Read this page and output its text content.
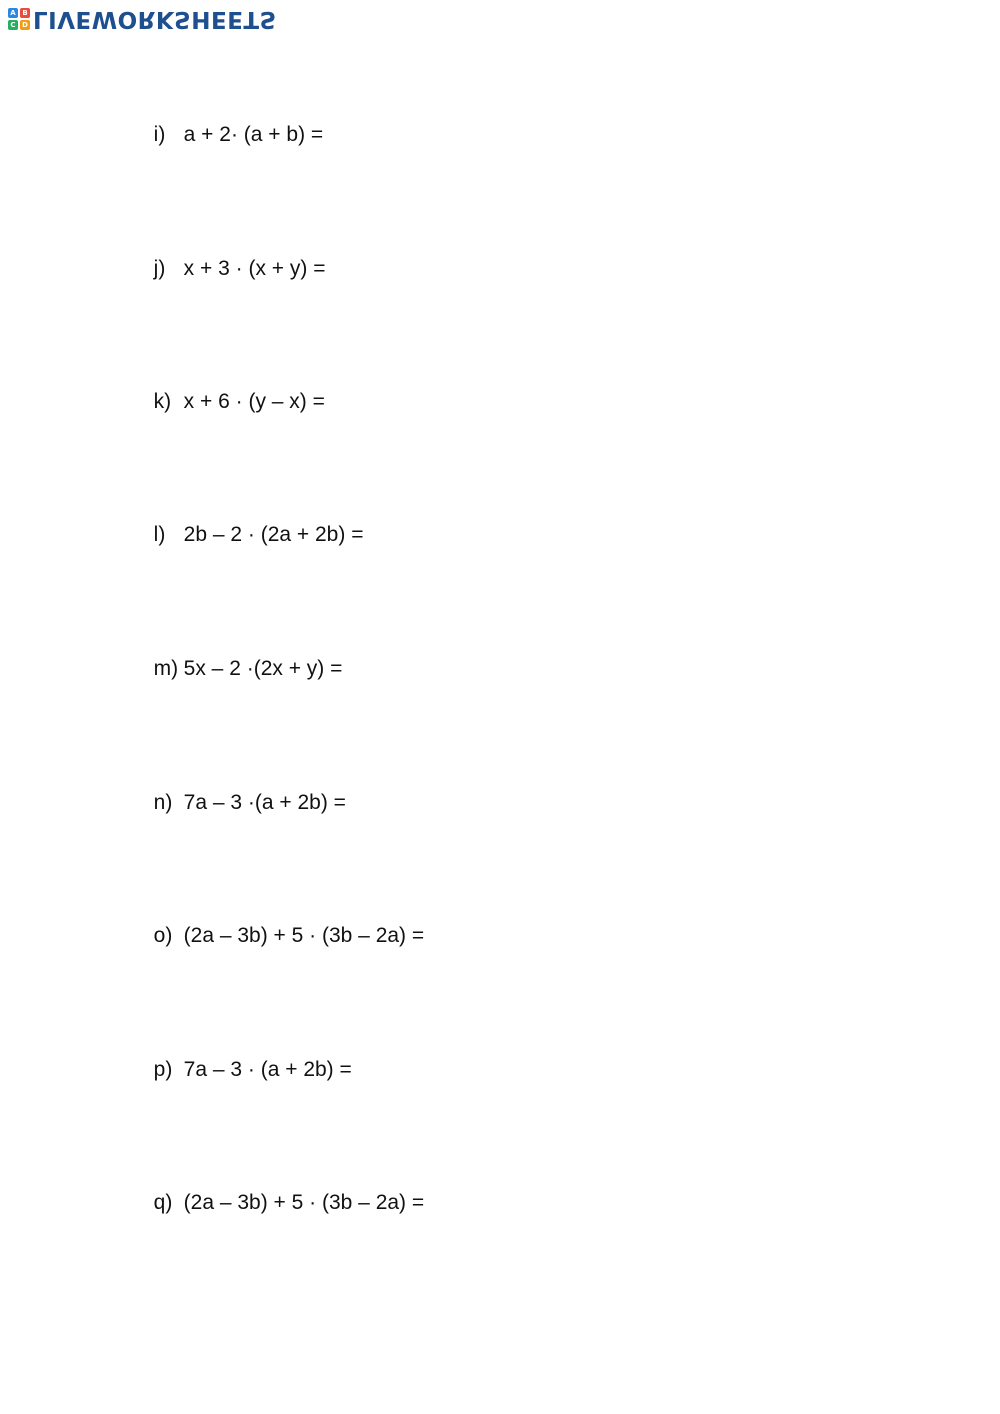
A B
C D LIVEWORKSHEETS

i) a + 2· (a + b) =

j) x + 3 · (x + y) =

k) x + 6 · (y – x) =

l) 2b – 2 · (2a + 2b) =

m) 5x – 2 ·(2x + y) =

n) 7a – 3 ·(a + 2b) =

o) (2a – 3b) + 5 · (3b – 2a) =

p) 7a – 3 · (a + 2b) =

q) (2a – 3b) + 5 · (3b – 2a) =
